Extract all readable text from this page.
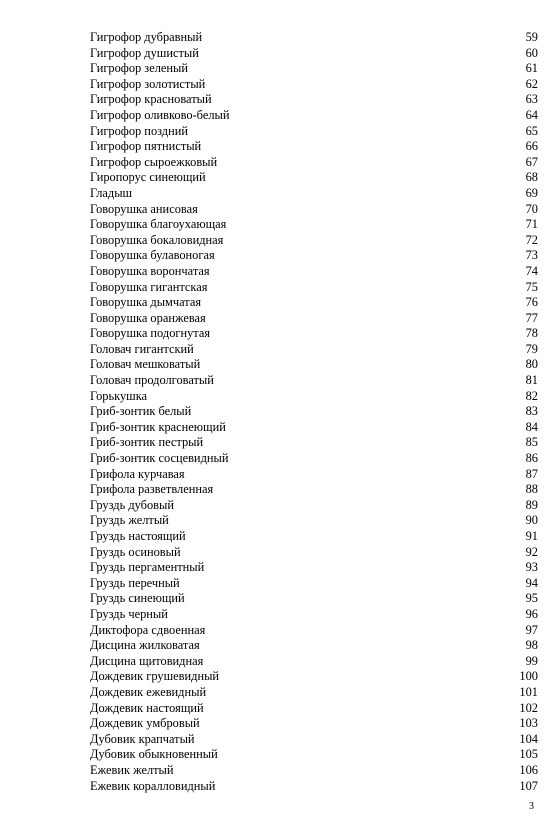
Гигрофор дубравный	59
Гигрофор душистый	60
Гигрофор зеленый	61
Гигрофор золотистый	62
Гигрофор красноватый	63
Гигрофор оливково-белый	64
Гигрофор поздний	65
Гигрофор пятнистый	66
Гигрофор сыроежковый	67
Гиропорус синеющий	68
Гладыш	69
Говорушка анисовая	70
Говорушка благоухающая	71
Говорушка бокаловидная	72
Говорушка булавоногая	73
Говорушка ворончатая	74
Говорушка гигантская	75
Говорушка дымчатая	76
Говорушка оранжевая	77
Говорушка подогнутая	78
Головач гигантский	79
Головач мешковатый	80
Головач продолговатый	81
Горькушка	82
Гриб-зонтик белый	83
Гриб-зонтик краснеющий	84
Гриб-зонтик пестрый	85
Гриб-зонтик сосцевидный	86
Грифола курчавая	87
Грифола разветвленная	88
Груздь дубовый	89
Груздь желтый	90
Груздь настоящий	91
Груздь осиновый	92
Груздь пергаментный	93
Груздь перечный	94
Груздь синеющий	95
Груздь черный	96
Диктофора сдвоенная	97
Дисцина жилковатая	98
Дисцина щитовидная	99
Дождевик грушевидный	100
Дождевик ежевидный	101
Дождевик настоящий	102
Дождевик умбровый	103
Дубовик крапчатый	104
Дубовик обыкновенный	105
Ежевик желтый	106
Ежевик коралловидный	107
3
